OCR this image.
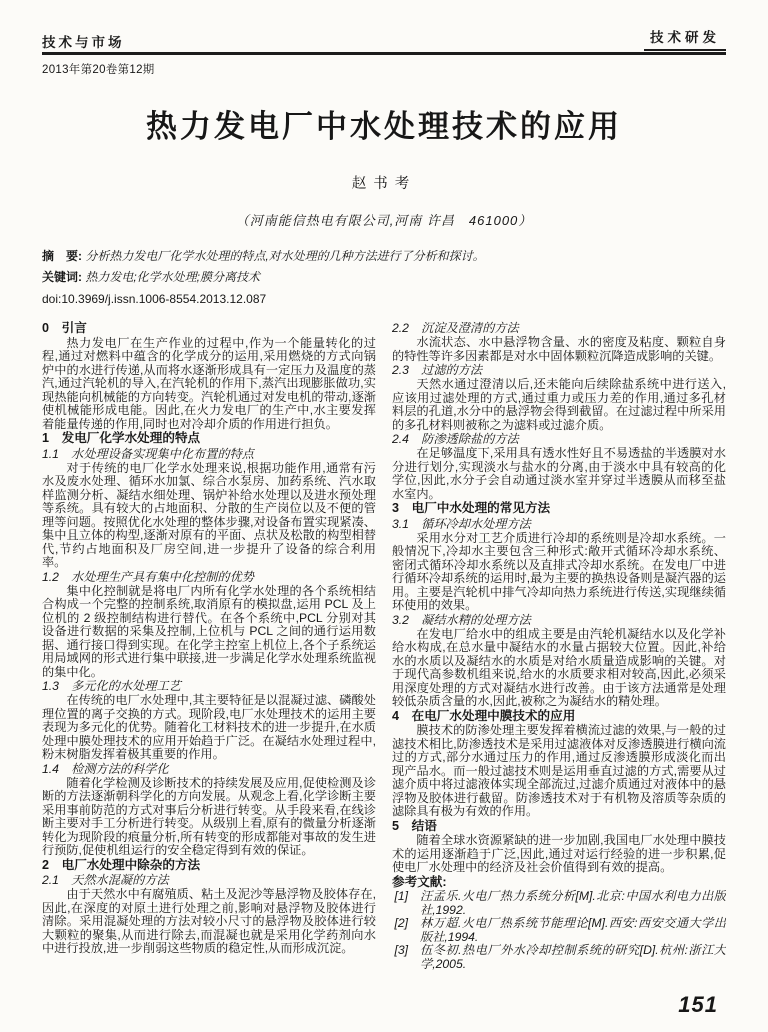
技术与市场	技术研发
2013年第20卷第12期
热力发电厂中水处理技术的应用
赵书考
（河南能信热电有限公司,河南 许昌　461000）
摘　要: 分析热力发电厂化学水处理的特点,对水处理的几种方法进行了分析和探讨。
关键词: 热力发电;化学水处理;膜分离技术
doi:10.3969/j.issn.1006-8554.2013.12.087
0　引言
热力发电厂在生产作业的过程中,作为一个能量转化的过程,通过对燃料中蕴含的化学成分的运用,采用燃烧的方式向锅炉中的水进行传递,从而将水逐渐形成具有一定压力及温度的蒸汽,通过汽轮机的导入,在汽轮机的作用下,蒸汽出现膨胀做功,实现热能向机械能的方向转变。汽轮机通过对发电机的带动,逐渐使机械能形成电能。因此,在火力发电厂的生产中,水主要发挥着能量传递的作用,同时也对冷却介质的作用进行担负。
1　发电厂化学水处理的特点
1.1　水处理设备实现集中化布置的特点
对于传统的电厂化学水处理来说,根据功能作用,通常有污水及废水处理、循环水加氯、综合水泵房、加药系统、汽水取样监测分析、凝结水细处理、锅炉补给水处理以及进水预处理等系统。具有较大的占地面积、分散的生产岗位以及不便的管理等问题。按照优化水处理的整体步骤,对设备布置实现紧凑、集中且立体的构型,逐渐对原有的平面、点状及松散的构型相替代,节约占地面积及厂房空间,进一步提升了设备的综合利用率。
1.2　水处理生产具有集中化控制的优势
集中化控制就是将电厂内所有化学水处理的各个系统相结合构成一个完整的控制系统,取消原有的模拟盘,运用 PCL 及上位机的 2 级控制结构进行替代。在各个系统中,PCL 分别对其设备进行数据的采集及控制,上位机与 PCL 之间的通行运用数据、通行接口得到实现。在化学主控室上机位上,各个子系统运用局域网的形式进行集中联接,进一步满足化学水处理系统监视的集中化。
1.3　多元化的水处理工艺
在传统的电厂水处理中,其主要特征是以混凝过滤、磷酸处理位置的离子交换的方式。现阶段,电厂水处理技术的运用主要表现为多元化的优势。随着化工材料技术的进一步提升,在水质处理中膜处理技术的应用开始趋于广泛。在凝结水处理过程中,粉末树脂发挥着极其重要的作用。
1.4　检测方法的科学化
随着化学检测及诊断技术的持续发展及应用,促使检测及诊断的方法逐渐朝科学化的方向发展。从观念上看,化学诊断主要采用事前防范的方式对事后分析进行转变。从手段来看,在线诊断主要对手工分析进行转变。从级别上看,原有的微量分析逐渐转化为现阶段的痕量分析,所有转变的形成都能对事故的发生进行预防,促使机组运行的安全稳定得到有效的保证。
2　电厂水处理中除杂的方法
2.1　天然水混凝的方法
由于天然水中有腐殖质、粘土及泥沙等悬浮物及胶体存在,因此,在深度的对原土进行处理之前,影响对悬浮物及胶体进行清除。采用混凝处理的方法对较小尺寸的悬浮物及胶体进行较大颗粒的聚集,从而进行除去,而混凝也就是采用化学药剂向水中进行投放,进一步削弱这些物质的稳定性,从而形成沉淀。
2.2　沉淀及澄清的方法
水流状态、水中悬浮物含量、水的密度及粘度、颗粒自身的特性等许多因素都是对水中固体颗粒沉降造成影响的关键。
2.3　过滤的方法
天然水通过澄清以后,还未能向后续除盐系统中进行送入,应该用过滤处理的方式,通过重力或压力差的作用,通过多孔材料层的孔道,水分中的悬浮物会得到截留。在过滤过程中所采用的多孔材料则被称之为滤料或过滤介质。
2.4　防渗透除盐的方法
在足够温度下,采用具有透水性好且不易透盐的半透膜对水分进行划分,实现淡水与盐水的分离,由于淡水中具有较高的化学位,因此,水分子会自动通过淡水室并穿过半透膜从而移至盐水室内。
3　电厂中水处理的常见方法
3.1　循环冷却水处理方法
采用水分对工艺介质进行冷却的系统则是冷却水系统。一般情况下,冷却水主要包含三种形式:敞开式循环冷却水系统、密闭式循环冷却水系统以及直排式冷却水系统。在发电厂中进行循环冷却系统的运用时,最为主要的换热设备则是凝汽器的运用。主要是汽轮机中排气冷却向热力系统进行传送,实现继续循环使用的效果。
3.2　凝结水精的处理方法
在发电厂给水中的组成主要是由汽轮机凝结水以及化学补给水构成,在总水量中凝结水的水量占据较大位置。因此,补给水的水质以及凝结水的水质是对给水质量造成影响的关键。对于现代高参数机组来说,给水的水质要求相对较高,因此,必须采用深度处理的方式对凝结水进行改善。由于该方法通常是处理较低杂质含量的水,因此,被称之为凝结水的精处理。
4　在电厂水处理中膜技术的应用
膜技术的防渗处理主要发挥着横流过滤的效果,与一般的过滤技术相比,防渗透技术是采用过滤液体对反渗透膜进行横向流过的方式,部分水通过压力的作用,通过反渗透膜形成淡化而出现产品水。而一般过滤技术则是运用垂直过滤的方式,需要从过滤介质中将过滤液体实现全部流过,过滤介质通过对液体中的悬浮物及胶体进行截留。防渗透技术对于有机物及溶质等杂质的滤除具有极为有效的作用。
5　结语
随着全球水资源紧缺的进一步加剧,我国电厂水处理中膜技术的运用逐渐趋于广泛,因此,通过对运行经验的进一步积累,促使电厂水处理中的经济及社会价值得到有效的提高。
参考文献:
[1] 汪孟乐.火电厂热力系统分析[M].北京:中国水利电力出版社,1992.
[2] 林万超.火电厂热系统节能理论[M].西安:西安交通大学出版社,1994.
[3] 伍冬初.热电厂外水冷却控制系统的研究[D].杭州:浙江大学,2005.
151
